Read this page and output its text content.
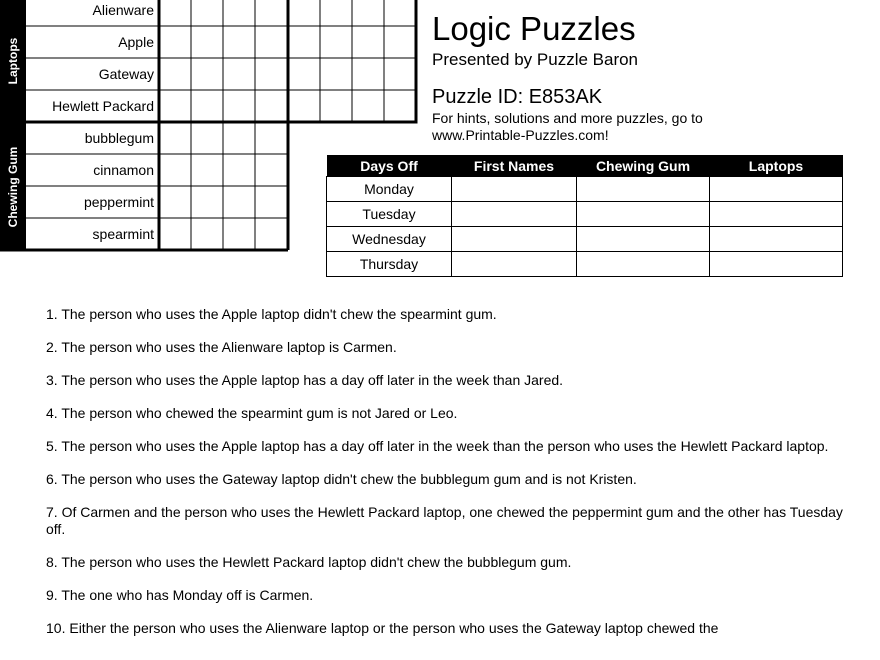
Laptops
Chewing Gum
Alienware
Apple
Gateway
Hewlett Packard
bubblegum
cinnamon
peppermint
spearmint
Logic Puzzles
Presented by Puzzle Baron
Puzzle ID: E853AK
For hints, solutions and more puzzles, go to
www.Printable-Puzzles.com!
Days Off	First Names	Chewing Gum	Laptops
Monday			
Tuesday			
Wednesday			
Thursday			

1. The person who uses the Apple laptop didn't chew the spearmint gum.

2. The person who uses the Alienware laptop is Carmen.

3. The person who uses the Apple laptop has a day off later in the week than Jared.

4. The person who chewed the spearmint gum is not Jared or Leo.

5. The person who uses the Apple laptop has a day off later in the week than the person who uses the Hewlett Packard laptop.

6. The person who uses the Gateway laptop didn't chew the bubblegum gum and is not Kristen.

7. Of Carmen and the person who uses the Hewlett Packard laptop, one chewed the peppermint gum and the other has Tuesday off.

8. The person who uses the Hewlett Packard laptop didn't chew the bubblegum gum.

9. The one who has Monday off is Carmen.

10. Either the person who uses the Alienware laptop or the person who uses the Gateway laptop chewed the
